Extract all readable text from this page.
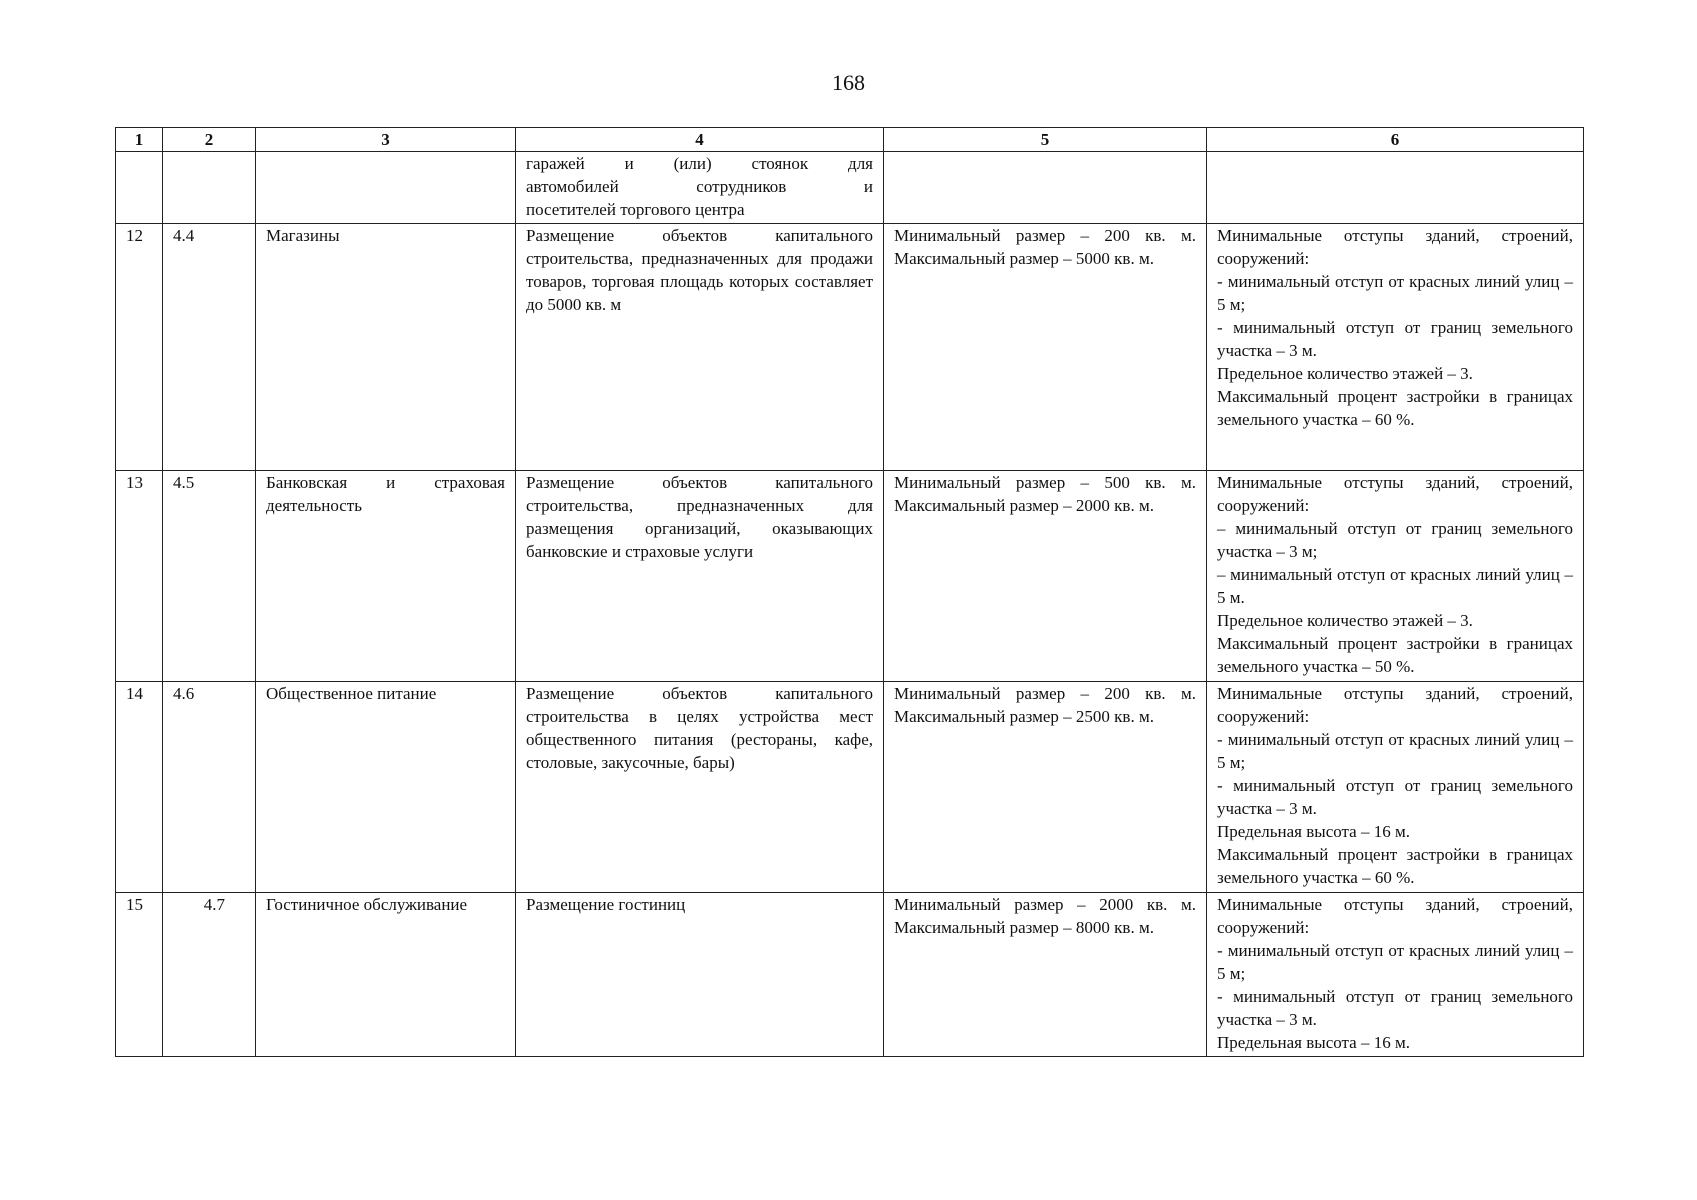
168
1	2	3	4	5	6

			гаражей и (или) стоянок для
автомобилей сотрудников и
посетителей торгового центра		

12	4.4	Магазины	Размещение объектов капитального строительства, предназначенных для продажи товаров, торговая площадь которых составляет до 5000 кв. м	Минимальный размер – 200 кв. м. Максимальный размер – 5000 кв. м.	Минимальные отступы зданий, строений, сооружений:
- минимальный отступ от красных линий улиц – 5 м;
- минимальный отступ от границ земельного участка – 3 м.
Предельное количество этажей – 3.
Максимальный процент застройки в границах земельного участка – 60 %.

13	4.5	Банковская и страховая деятельность	Размещение объектов капитального строительства, предназначенных для размещения организаций, оказывающих банковские и страховые услуги	Минимальный размер – 500 кв. м. Максимальный размер – 2000 кв. м.	Минимальные отступы зданий, строений, сооружений:
– минимальный отступ от границ земельного участка – 3 м;
– минимальный отступ от красных линий улиц – 5 м.
Предельное количество этажей – 3.
Максимальный процент застройки в границах земельного участка – 50 %.

14	4.6	Общественное питание	Размещение объектов капитального строительства в целях устройства мест общественного питания (рестораны, кафе, столовые, закусочные, бары)	Минимальный размер – 200 кв. м. Максимальный размер – 2500 кв. м.	Минимальные отступы зданий, строений, сооружений:
- минимальный отступ от красных линий улиц – 5 м;
- минимальный отступ от границ земельного участка – 3 м.
Предельная высота – 16 м.
Максимальный процент застройки в границах земельного участка – 60 %.

15	4.7	Гостиничное обслуживание	Размещение гостиниц	Минимальный размер – 2000 кв. м. Максимальный размер – 8000 кв. м.	Минимальные отступы зданий, строений, сооружений:
- минимальный отступ от красных линий улиц – 5 м;
- минимальный отступ от границ земельного участка – 3 м.
Предельная высота – 16 м.
